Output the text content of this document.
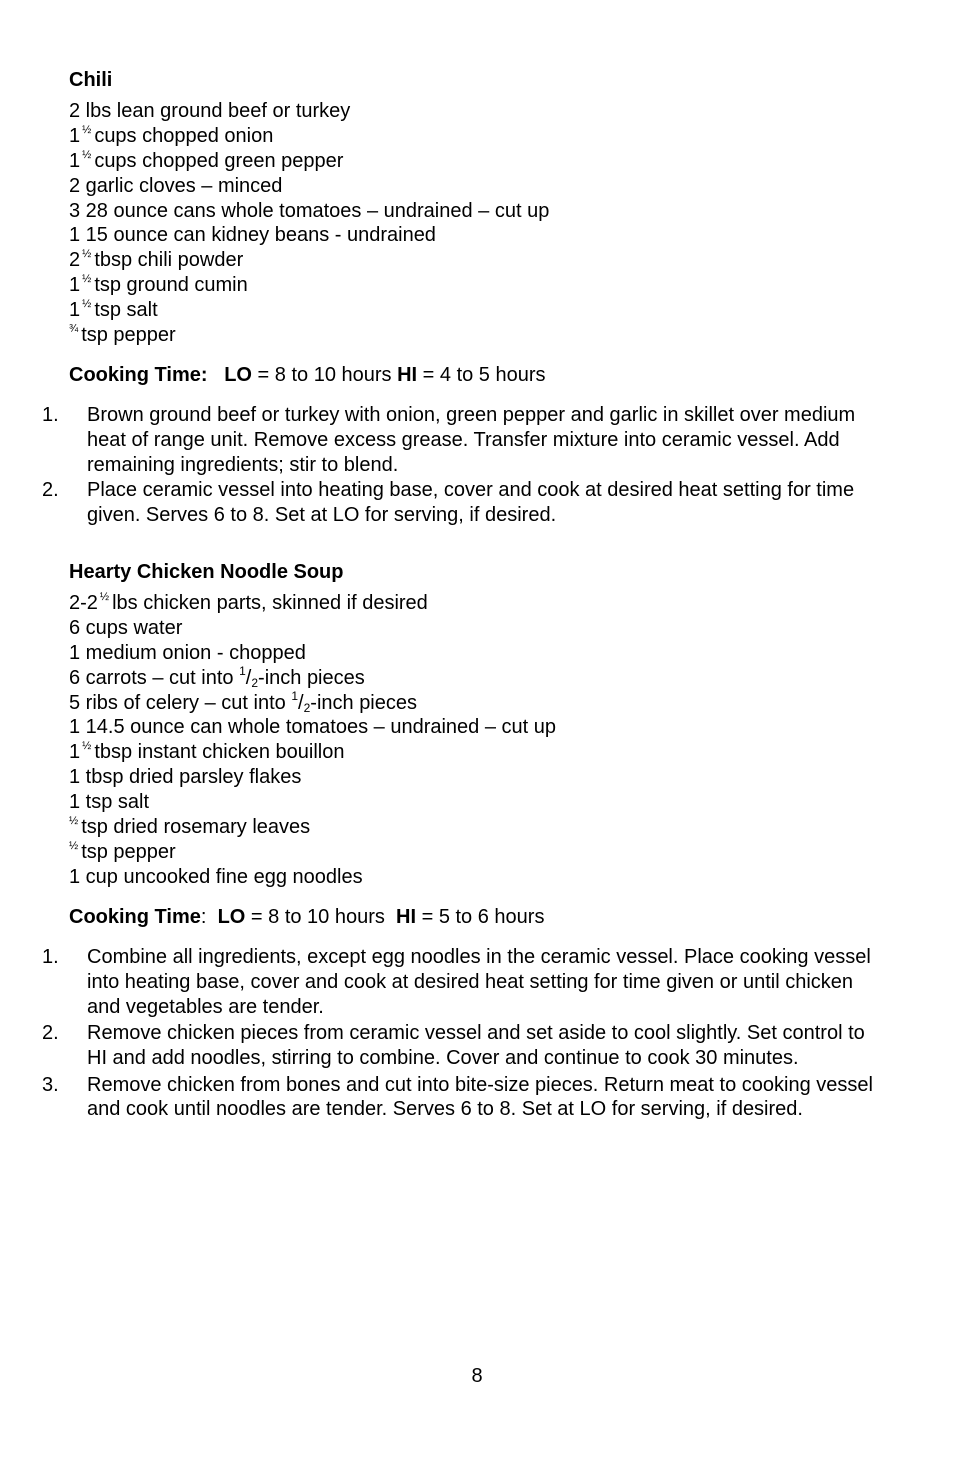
Chili
2 lbs lean ground beef or turkey
1 $^{\frac{1}{2}}$ cups chopped onion
1 $^{\frac{1}{2}}$ cups chopped green pepper
2 garlic cloves – minced
3 28 ounce cans whole tomatoes – undrained – cut up
1 15 ounce can kidney beans - undrained
2 $^{\frac{1}{2}}$ tbsp chili powder
1 $^{\frac{1}{2}}$ tsp ground cumin
1 $^{\frac{1}{2}}$ tsp salt
$^{\frac{3}{4}}$ tsp pepper
Cooking Time: LO = 8 to 10 hours HI = 4 to 5 hours
1. Brown ground beef or turkey with onion, green pepper and garlic in skillet over medium heat of range unit. Remove excess grease. Transfer mixture into ceramic vessel. Add remaining ingredients; stir to blend.
2. Place ceramic vessel into heating base, cover and cook at desired heat setting for time given. Serves 6 to 8. Set at LO for serving, if desired.
Hearty Chicken Noodle Soup
2-2 $^{\frac{1}{2}}$ lbs chicken parts, skinned if desired
6 cups water
1 medium onion - chopped
6 carrots – cut into $^1/_2$-inch pieces
5 ribs of celery – cut into $^1/_2$-inch pieces
1 14.5 ounce can whole tomatoes – undrained – cut up
1 $^{\frac{1}{2}}$ tbsp instant chicken bouillon
1 tbsp dried parsley flakes
1 tsp salt
$^{\frac{1}{2}}$ tsp dried rosemary leaves
$^{\frac{1}{2}}$ tsp pepper
1 cup uncooked fine egg noodles
Cooking Time: LO = 8 to 10 hours HI = 5 to 6 hours
1. Combine all ingredients, except egg noodles in the ceramic vessel. Place cooking vessel into heating base, cover and cook at desired heat setting for time given or until chicken and vegetables are tender.
2. Remove chicken pieces from ceramic vessel and set aside to cool slightly. Set control to HI and add noodles, stirring to combine. Cover and continue to cook 30 minutes.
3. Remove chicken from bones and cut into bite-size pieces. Return meat to cooking vessel and cook until noodles are tender. Serves 6 to 8. Set at LO for serving, if desired.
8
